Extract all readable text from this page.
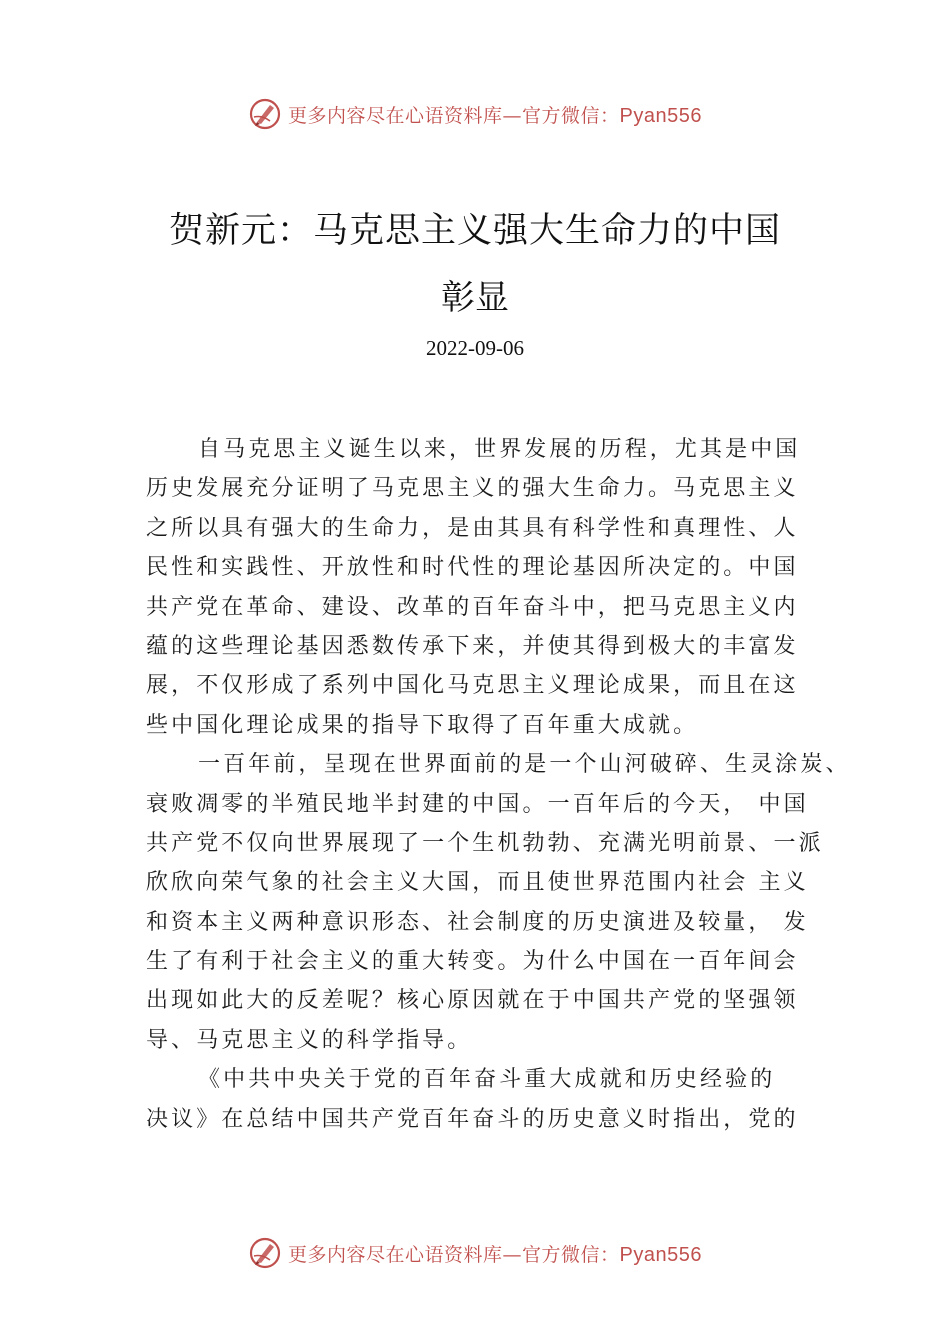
更多内容尽在心语资料库—官方微信：Pyan556
贺新元：马克思主义强大生命力的中国
彰显
2022-09-06
自马克思主义诞生以来，世界发展的历程，尤其是中国
历史发展充分证明了马克思主义的强大生命力。马克思主义
之所以具有强大的生命力，是由其具有科学性和真理性、人
民性和实践性、开放性和时代性的理论基因所决定的。中国
共产党在革命、建设、改革的百年奋斗中，把马克思主义内
蕴的这些理论基因悉数传承下来，并使其得到极大的丰富发
展，不仅形成了系列中国化马克思主义理论成果，而且在这
些中国化理论成果的指导下取得了百年重大成就。
一百年前，呈现在世界面前的是一个山河破碎、生灵涂炭、
衰败凋零的半殖民地半封建的中国。一百年后的今天， 中国
共产党不仅向世界展现了一个生机勃勃、充满光明前景、一派
欣欣向荣气象的社会主义大国，而且使世界范围内社会 主义
和资本主义两种意识形态、社会制度的历史演进及较量， 发
生了有利于社会主义的重大转变。为什么中国在一百年间会
出现如此大的反差呢？核心原因就在于中国共产党的坚强领
导、马克思主义的科学指导。
《中共中央关于党的百年奋斗重大成就和历史经验的
决议》在总结中国共产党百年奋斗的历史意义时指出，党的
更多内容尽在心语资料库—官方微信：Pyan556
